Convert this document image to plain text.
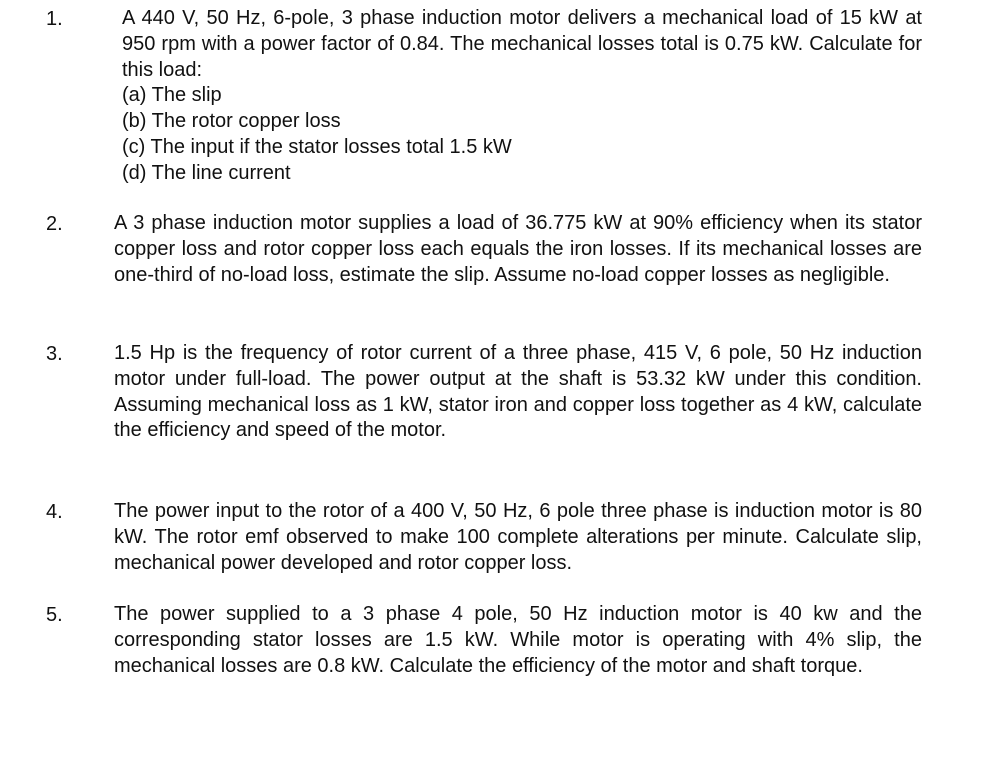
1.	A 440 V, 50 Hz, 6-pole, 3 phase induction motor delivers a mechanical load of 15 kW at 950 rpm with a power factor of 0.84. The mechanical losses total is 0.75 kW. Calculate for this load:
(a) The slip
(b) The rotor copper loss
(c) The input if the stator losses total 1.5 kW
(d) The line current
2.	A 3 phase induction motor supplies a load of 36.775 kW at 90% efficiency when its stator copper loss and rotor copper loss each equals the iron losses. If its mechanical losses are one-third of no-load loss, estimate the slip. Assume no-load copper losses as negligible.
3.	1.5 Hp is the frequency of rotor current of a three phase, 415 V, 6 pole, 50 Hz induction motor under full-load. The power output at the shaft is 53.32 kW under this condition. Assuming mechanical loss as 1 kW, stator iron and copper loss together as 4 kW, calculate the efficiency and speed of the motor.
4.	The power input to the rotor of a 400 V, 50 Hz, 6 pole three phase is induction motor is 80 kW. The rotor emf observed to make 100 complete alterations per minute. Calculate slip, mechanical power developed and rotor copper loss.
5.	The power supplied to a 3 phase 4 pole, 50 Hz induction motor is 40 kw and the corresponding stator losses are 1.5 kW. While motor is operating with 4% slip, the mechanical losses are 0.8 kW. Calculate the efficiency of the motor and shaft torque.
